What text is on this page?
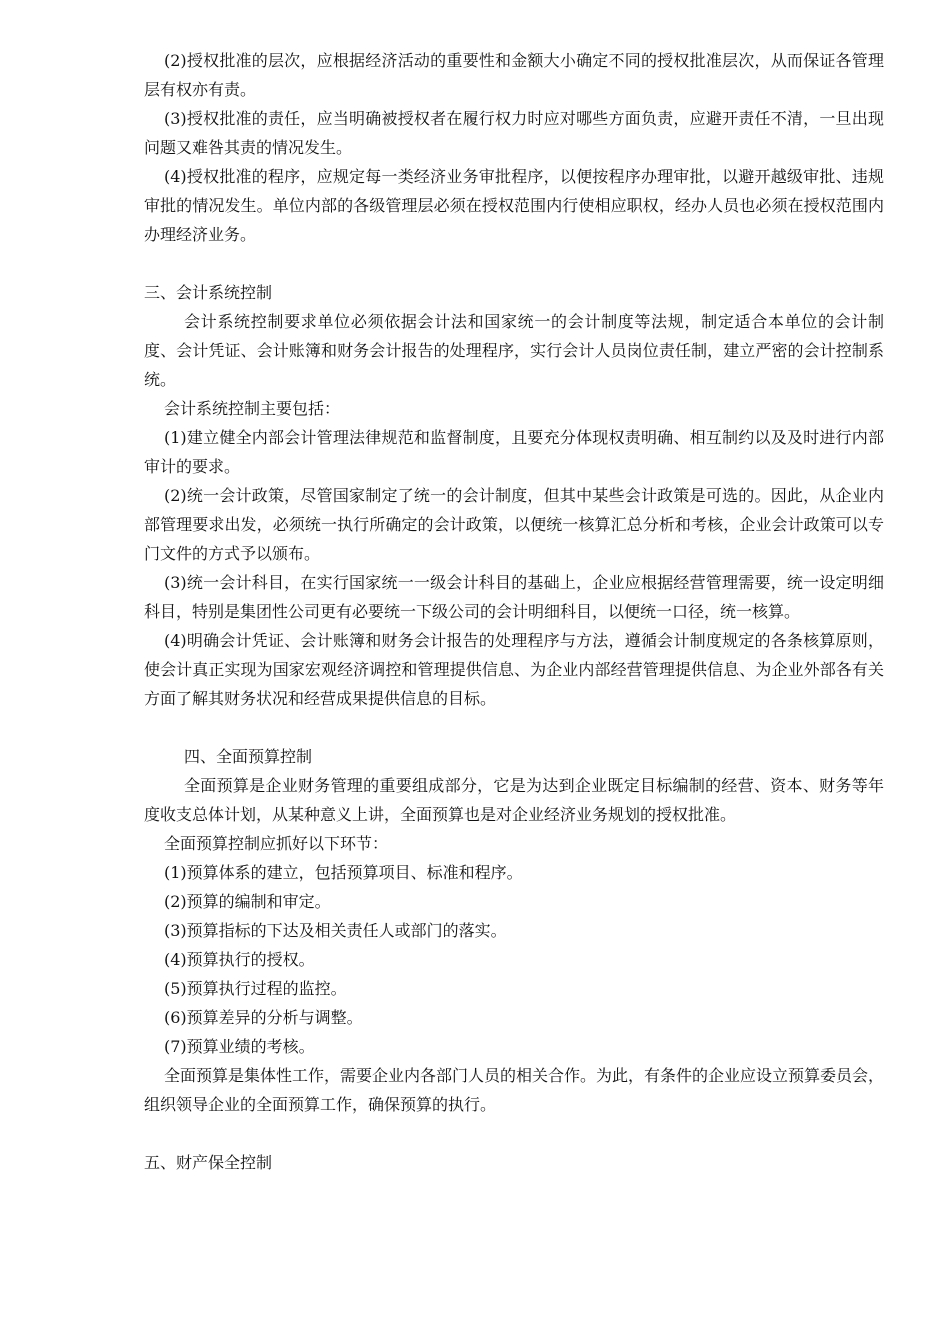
(2)授权批准的层次，应根据经济活动的重要性和金额大小确定不同的授权批准层次，从而保证各管理层有权亦有责。

(3)授权批准的责任，应当明确被授权者在履行权力时应对哪些方面负责，应避开责任不清，一旦出现问题又难咎其责的情况发生。

(4)授权批准的程序，应规定每一类经济业务审批程序，以便按程序办理审批，以避开越级审批、违规审批的情况发生。单位内部的各级管理层必须在授权范围内行使相应职权，经办人员也必须在授权范围内办理经济业务。

三、会计系统控制

会计系统控制要求单位必须依据会计法和国家统一的会计制度等法规，制定适合本单位的会计制度、会计凭证、会计账簿和财务会计报告的处理程序，实行会计人员岗位责任制，建立严密的会计控制系统。

会计系统控制主要包括：

(1)建立健全内部会计管理法律规范和监督制度，且要充分体现权责明确、相互制约以及及时进行内部审计的要求。

(2)统一会计政策，尽管国家制定了统一的会计制度，但其中某些会计政策是可选的。因此，从企业内部管理要求出发，必须统一执行所确定的会计政策，以便统一核算汇总分析和考核，企业会计政策可以专门文件的方式予以颁布。

(3)统一会计科目，在实行国家统一一级会计科目的基础上，企业应根据经营管理需要，统一设定明细科目，特别是集团性公司更有必要统一下级公司的会计明细科目，以便统一口径，统一核算。

(4)明确会计凭证、会计账簿和财务会计报告的处理程序与方法，遵循会计制度规定的各条核算原则，使会计真正实现为国家宏观经济调控和管理提供信息、为企业内部经营管理提供信息、为企业外部各有关方面了解其财务状况和经营成果提供信息的目标。

四、全面预算控制

全面预算是企业财务管理的重要组成部分，它是为达到企业既定目标编制的经营、资本、财务等年度收支总体计划，从某种意义上讲，全面预算也是对企业经济业务规划的授权批准。

全面预算控制应抓好以下环节：

(1)预算体系的建立，包括预算项目、标准和程序。

(2)预算的编制和审定。

(3)预算指标的下达及相关责任人或部门的落实。

(4)预算执行的授权。

(5)预算执行过程的监控。

(6)预算差异的分析与调整。

(7)预算业绩的考核。

全面预算是集体性工作，需要企业内各部门人员的相关合作。为此，有条件的企业应设立预算委员会，组织领导企业的全面预算工作，确保预算的执行。

五、财产保全控制
